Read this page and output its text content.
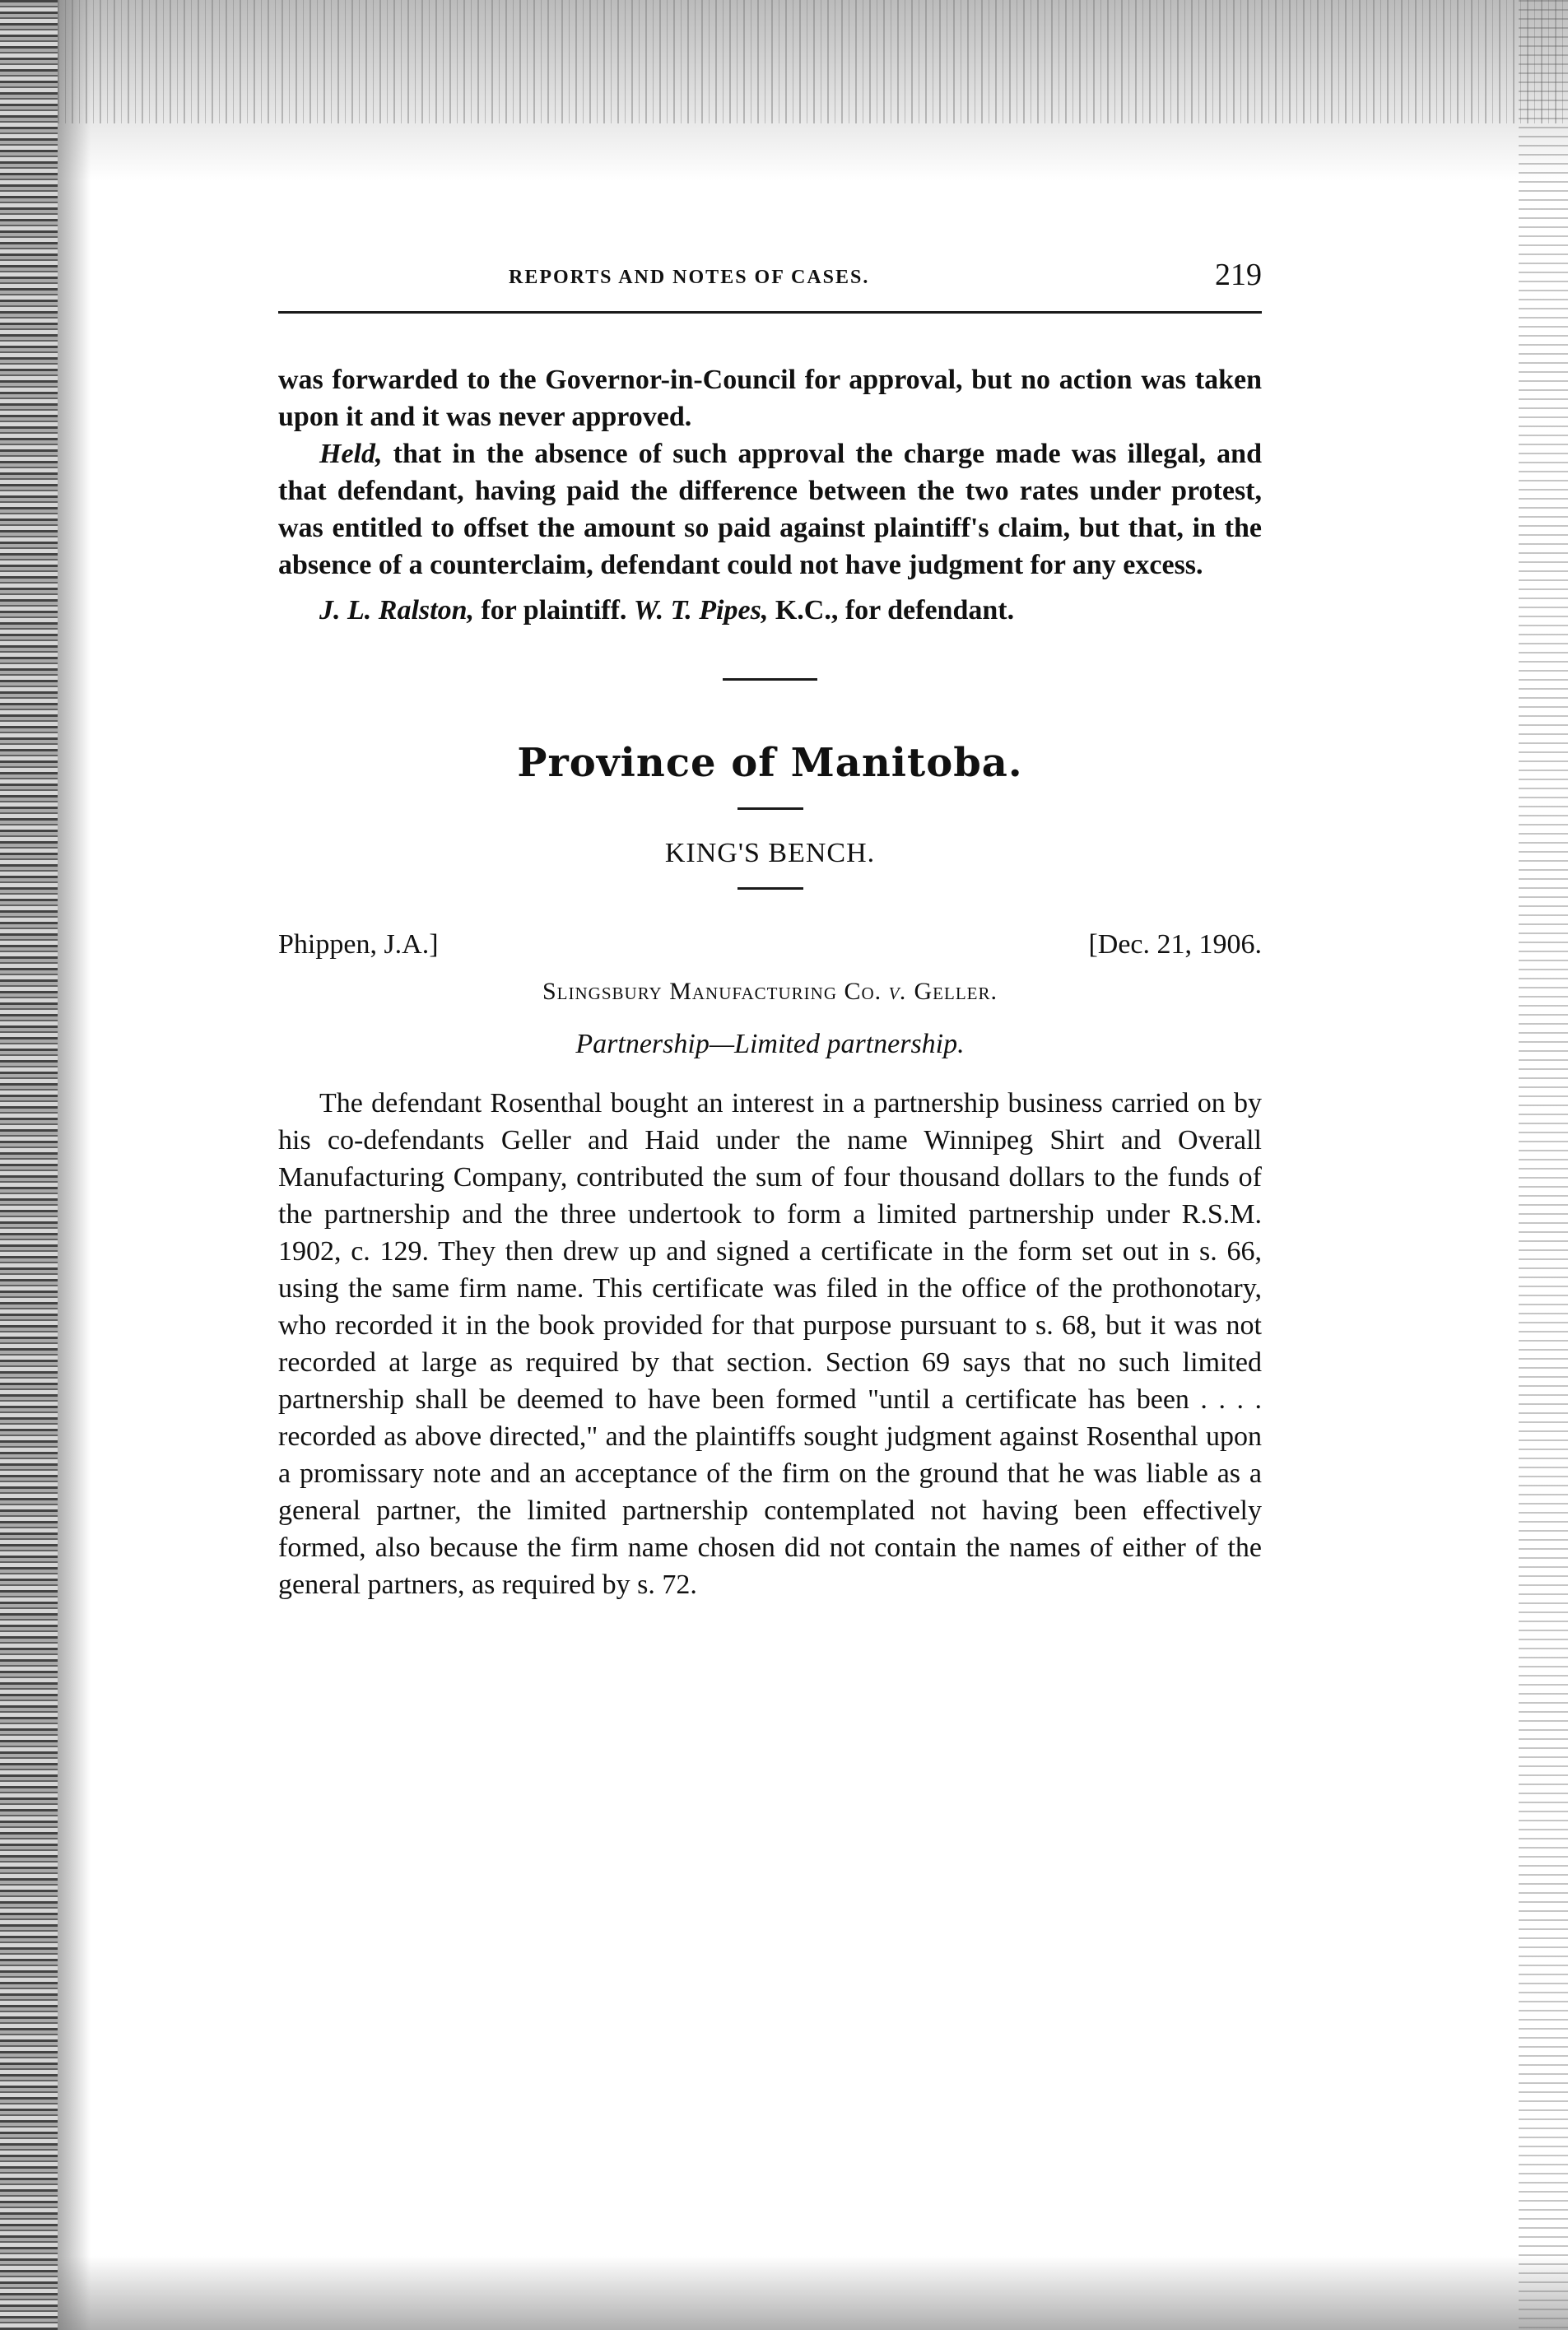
REPORTS AND NOTES OF CASES.	219

was forwarded to the Governor-in-Council for approval, but no action was taken upon it and it was never approved.

Held, that in the absence of such approval the charge made was illegal, and that defendant, having paid the difference between the two rates under protest, was entitled to offset the amount so paid against plaintiff's claim, but that, in the absence of a counterclaim, defendant could not have judgment for any excess.

J. L. Ralston, for plaintiff. W. T. Pipes, K.C., for defendant.

Province of Manitoba.
KING'S BENCH.
Phippen, J.A.]	[Dec. 21, 1906.
Slingsbury Manufacturing Co. v. Geller.
Partnership—Limited partnership.

The defendant Rosenthal bought an interest in a partnership business carried on by his co-defendants Geller and Haid under the name Winnipeg Shirt and Overall Manufacturing Company, contributed the sum of four thousand dollars to the funds of the partnership and the three undertook to form a limited partnership under R.S.M. 1902, c. 129. They then drew up and signed a certificate in the form set out in s. 66, using the same firm name. This certificate was filed in the office of the prothonotary, who recorded it in the book provided for that purpose pursuant to s. 68, but it was not recorded at large as required by that section. Section 69 says that no such limited partnership shall be deemed to have been formed "until a certificate has been . . . . recorded as above directed," and the plaintiffs sought judgment against Rosenthal upon a promissary note and an acceptance of the firm on the ground that he was liable as a general partner, the limited partnership contemplated not having been effectively formed, also because the firm name chosen did not contain the names of either of the general partners, as required by s. 72.
